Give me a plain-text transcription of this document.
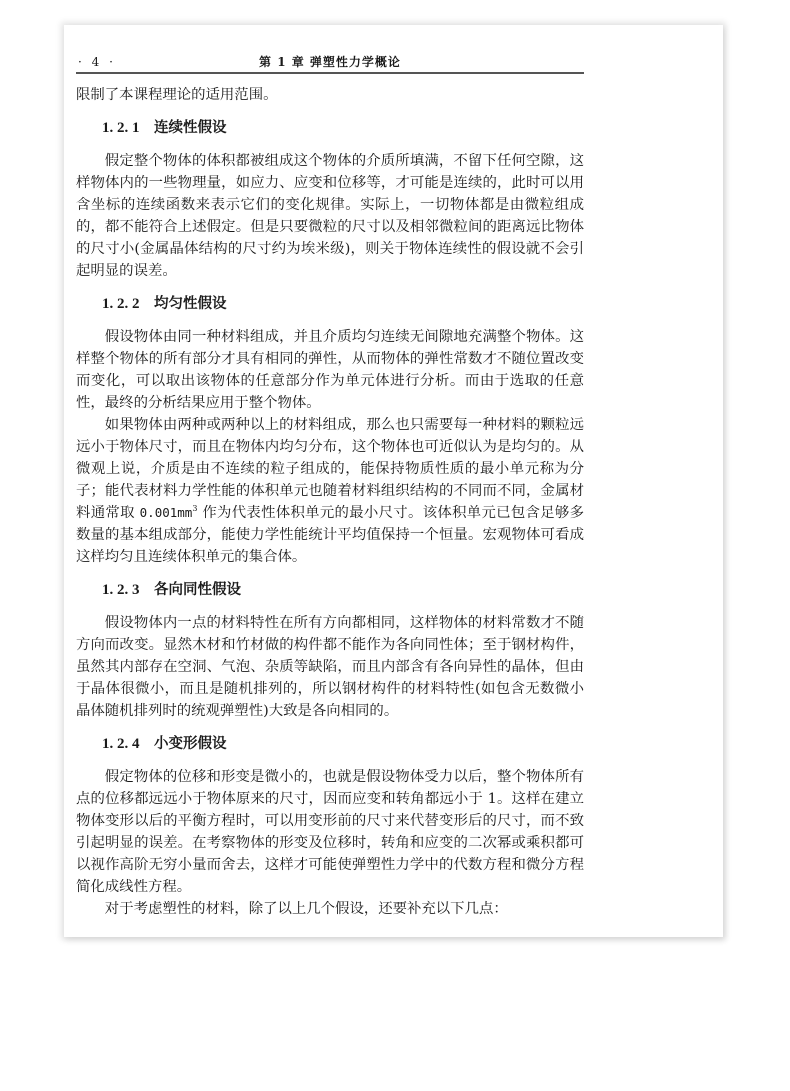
· 4 ·	第 1 章 弹塑性力学概论

限制了本课程理论的适用范围。

1. 2. 1 连续性假设

假定整个物体的体积都被组成这个物体的介质所填满，不留下任何空隙，这样物体内的一些物理量，如应力、应变和位移等，才可能是连续的，此时可以用含坐标的连续函数来表示它们的变化规律。实际上，一切物体都是由微粒组成的，都不能符合上述假定。但是只要微粒的尺寸以及相邻微粒间的距离远比物体的尺寸小(金属晶体结构的尺寸约为埃米级)，则关于物体连续性的假设就不会引起明显的误差。

1. 2. 2 均匀性假设

假设物体由同一种材料组成，并且介质均匀连续无间隙地充满整个物体。这样整个物体的所有部分才具有相同的弹性，从而物体的弹性常数才不随位置改变而变化，可以取出该物体的任意部分作为单元体进行分析。而由于选取的任意性，最终的分析结果应用于整个物体。

如果物体由两种或两种以上的材料组成，那么也只需要每一种材料的颗粒远远小于物体尺寸，而且在物体内均匀分布，这个物体也可近似认为是均匀的。从微观上说，介质是由不连续的粒子组成的，能保持物质性质的最小单元称为分子；能代表材料力学性能的体积单元也随着材料组织结构的不同而不同，金属材料通常取 $0.001mm^3$ 作为代表性体积单元的最小尺寸。该体积单元已包含足够多数量的基本组成部分，能使力学性能统计平均值保持一个恒量。宏观物体可看成这样均匀且连续体积单元的集合体。

1. 2. 3 各向同性假设

假设物体内一点的材料特性在所有方向都相同，这样物体的材料常数才不随方向而改变。显然木材和竹材做的构件都不能作为各向同性体；至于钢材构件，虽然其内部存在空洞、气泡、杂质等缺陷，而且内部含有各向异性的晶体，但由于晶体很微小，而且是随机排列的，所以钢材构件的材料特性(如包含无数微小晶体随机排列时的统观弹塑性)大致是各向相同的。

1. 2. 4 小变形假设

假定物体的位移和形变是微小的，也就是假设物体受力以后，整个物体所有点的位移都远远小于物体原来的尺寸，因而应变和转角都远小于 1。这样在建立物体变形以后的平衡方程时，可以用变形前的尺寸来代替变形后的尺寸，而不致引起明显的误差。在考察物体的形变及位移时，转角和应变的二次幂或乘积都可以视作高阶无穷小量而舍去，这样才可能使弹塑性力学中的代数方程和微分方程简化成线性方程。

对于考虑塑性的材料，除了以上几个假设，还要补充以下几点：
